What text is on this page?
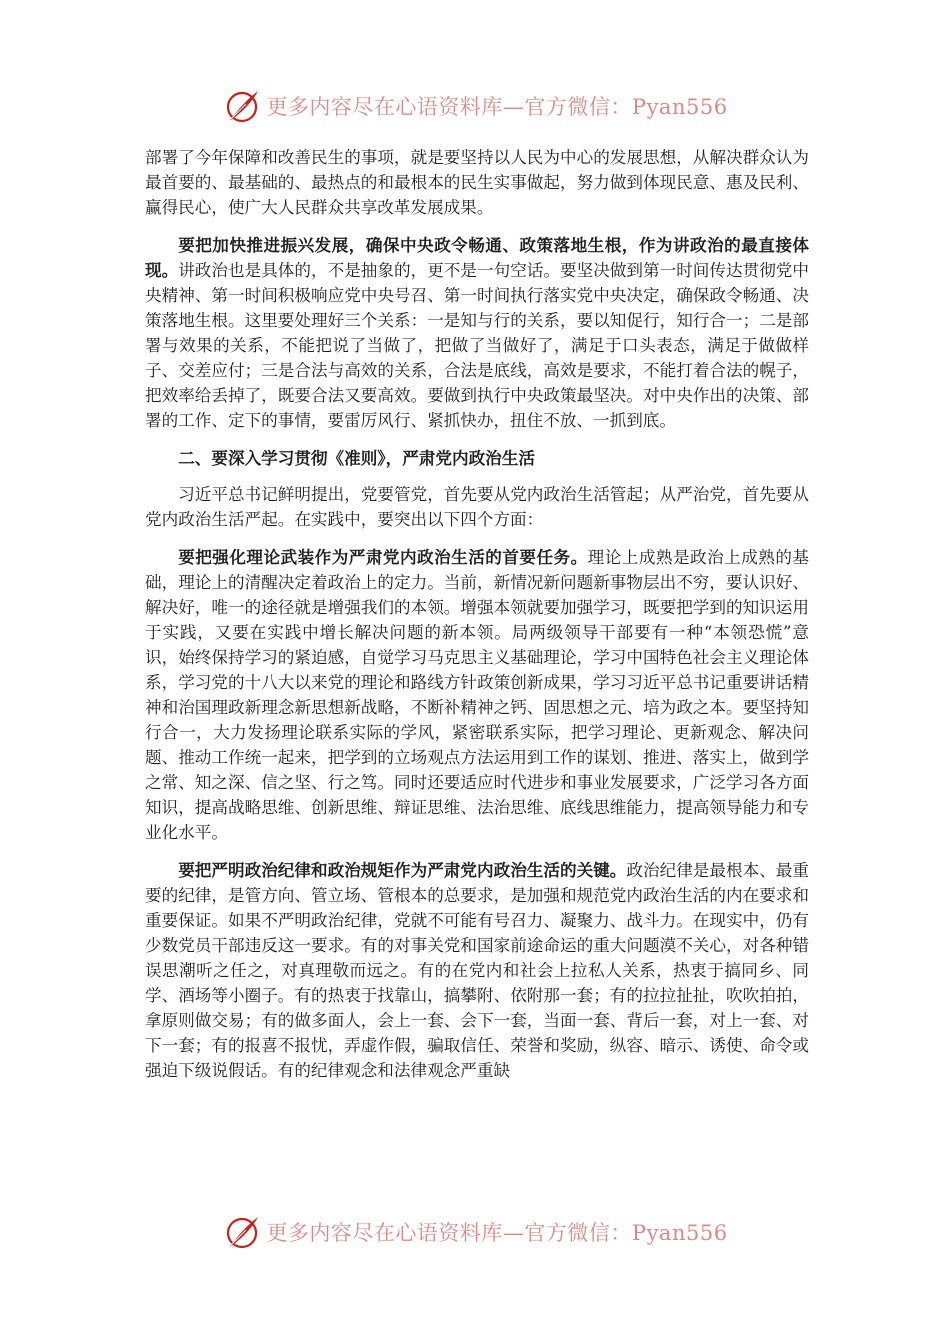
更多内容尽在心语资料库—官方微信：Pyan556

部署了今年保障和改善民生的事项，就是要坚持以人民为中心的发展思想，从解决群众认为最首要的、最基础的、最热点的和最根本的民生实事做起，努力做到体现民意、惠及民利、赢得民心，使广大人民群众共享改革发展成果。

要把加快推进振兴发展，确保中央政令畅通、政策落地生根，作为讲政治的最直接体现。讲政治也是具体的，不是抽象的，更不是一句空话。要坚决做到第一时间传达贯彻党中央精神、第一时间积极响应党中央号召、第一时间执行落实党中央决定，确保政令畅通、决策落地生根。这里要处理好三个关系：一是知与行的关系，要以知促行，知行合一；二是部署与效果的关系，不能把说了当做了，把做了当做好了，满足于口头表态，满足于做做样子、交差应付；三是合法与高效的关系，合法是底线，高效是要求，不能打着合法的幌子，把效率给丢掉了，既要合法又要高效。要做到执行中央政策最坚决。对中央作出的决策、部署的工作、定下的事情，要雷厉风行、紧抓快办，扭住不放、一抓到底。

二、要深入学习贯彻《准则》，严肃党内政治生活

习近平总书记鲜明提出，党要管党，首先要从党内政治生活管起；从严治党，首先要从党内政治生活严起。在实践中，要突出以下四个方面：

要把强化理论武装作为严肃党内政治生活的首要任务。理论上成熟是政治上成熟的基础，理论上的清醒决定着政治上的定力。当前，新情况新问题新事物层出不穷，要认识好、解决好，唯一的途径就是增强我们的本领。增强本领就要加强学习，既要把学到的知识运用于实践，又要在实践中增长解决问题的新本领。局两级领导干部要有一种“本领恐慌”意识，始终保持学习的紧迫感，自觉学习马克思主义基础理论，学习中国特色社会主义理论体系，学习党的十八大以来党的理论和路线方针政策创新成果，学习习近平总书记重要讲话精神和治国理政新理念新思想新战略，不断补精神之钙、固思想之元、培为政之本。要坚持知行合一，大力发扬理论联系实际的学风，紧密联系实际，把学习理论、更新观念、解决问题、推动工作统一起来，把学到的立场观点方法运用到工作的谋划、推进、落实上，做到学之常、知之深、信之坚、行之笃。同时还要适应时代进步和事业发展要求，广泛学习各方面知识，提高战略思维、创新思维、辩证思维、法治思维、底线思维能力，提高领导能力和专业化水平。

要把严明政治纪律和政治规矩作为严肃党内政治生活的关键。政治纪律是最根本、最重要的纪律，是管方向、管立场、管根本的总要求，是加强和规范党内政治生活的内在要求和重要保证。如果不严明政治纪律，党就不可能有号召力、凝聚力、战斗力。在现实中，仍有少数党员干部违反这一要求。有的对事关党和国家前途命运的重大问题漠不关心，对各种错误思潮听之任之，对真理敬而远之。有的在党内和社会上拉私人关系，热衷于搞同乡、同学、酒场等小圈子。有的热衷于找靠山，搞攀附、依附那一套；有的拉拉扯扯，吹吹拍拍，拿原则做交易；有的做多面人，会上一套、会下一套，当面一套、背后一套，对上一套、对下一套；有的报喜不报忧，弄虚作假，骗取信任、荣誉和奖励，纵容、暗示、诱使、命令或强迫下级说假话。有的纪律观念和法律观念严重缺

更多内容尽在心语资料库—官方微信：Pyan556
